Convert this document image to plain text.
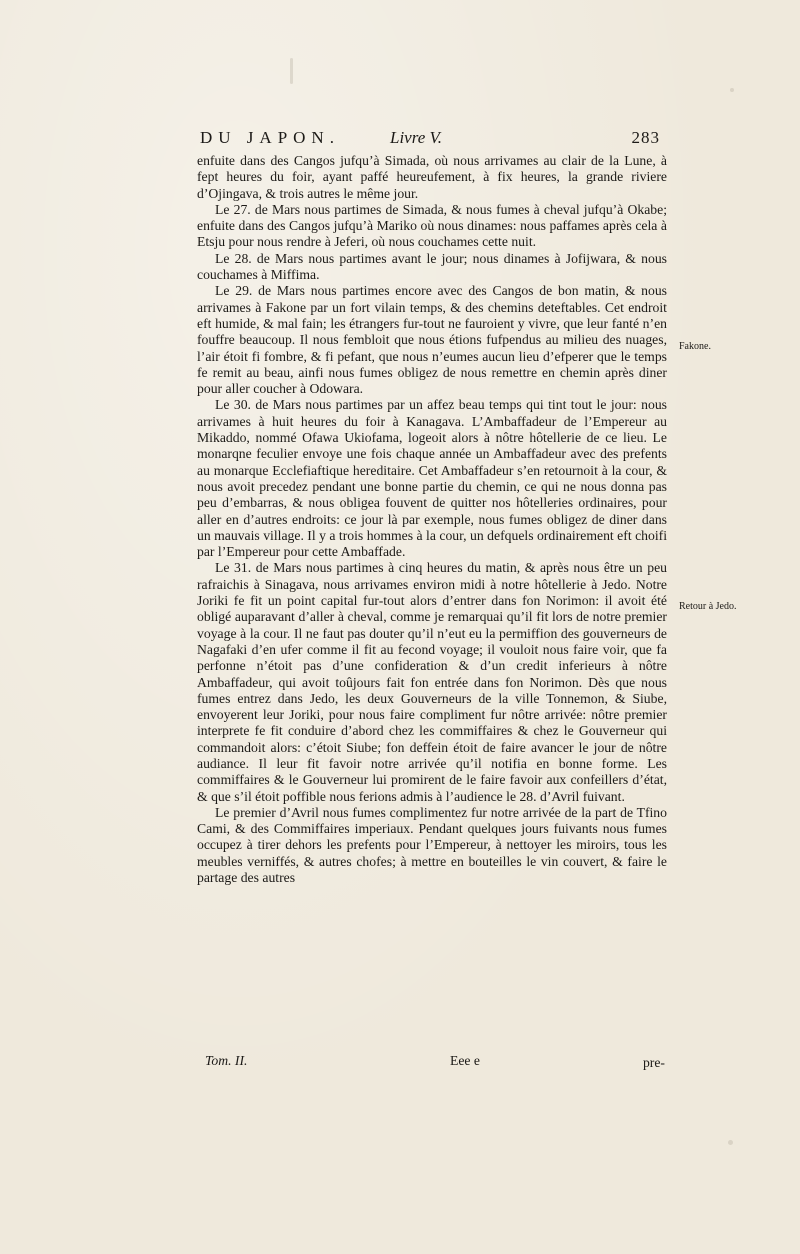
DU JAPON.	Livre V.	283

enfuite dans des Cangos jufqu’à Simada, où nous arrivames au clair de la Lune, à fept heures du foir, ayant paffé heureufement, à fix heures, la grande riviere d’Ojingava, & trois autres le même jour.

Le 27. de Mars nous partimes de Simada, & nous fumes à cheval jufqu’à Okabe; enfuite dans des Cangos jufqu’à Mariko où nous dinames: nous paffames après cela à Etsju pour nous rendre à Jeferi, où nous couchames cette nuit.

Le 28. de Mars nous partimes avant le jour; nous dinames à Jofijwara, & nous couchames à Miffima.

Le 29. de Mars nous partimes encore avec des Cangos de bon matin, & nous arrivames à Fakone par un fort vilain temps, & des chemins deteftables. Cet endroit eft humide, & mal fain; les étrangers fur-tout ne fauroient y vivre, que leur fanté n’en fouffre beaucoup. Il nous fembloit que nous étions fufpendus au milieu des nuages, l’air étoit fi fombre, & fi pefant, que nous n’eumes aucun lieu d’efperer que le temps fe remit au beau, ainfi nous fumes obligez de nous remettre en chemin après diner pour aller coucher à Odowara.

Le 30. de Mars nous partimes par un affez beau temps qui tint tout le jour: nous arrivames à huit heures du foir à Kanagava. L’Ambaffadeur de l’Empereur au Mikaddo, nommé Ofawa Ukiofama, logeoit alors à nôtre hôtellerie de ce lieu. Le monarqne feculier envoye une fois chaque année un Ambaffadeur avec des prefents au monarque Ecclefiaftique hereditaire. Cet Ambaffadeur s’en retournoit à la cour, & nous avoit precedez pendant une bonne partie du chemin, ce qui ne nous donna pas peu d’embarras, & nous obligea fouvent de quitter nos hôtelleries ordinaires, pour aller en d’autres endroits: ce jour là par exemple, nous fumes obligez de diner dans un mauvais village. Il y a trois hommes à la cour, un defquels ordinairement eft choifi par l’Empereur pour cette Ambaffade.

Le 31. de Mars nous partimes à cinq heures du matin, & après nous être un peu rafraichis à Sinagava, nous arrivames environ midi à notre hôtellerie à Jedo. Notre Joriki fe fit un point capital fur-tout alors d’entrer dans fon Norimon: il avoit été obligé auparavant d’aller à cheval, comme je remarquai qu’il fit lors de notre premier voyage à la cour. Il ne faut pas douter qu’il n’eut eu la permiffion des gouverneurs de Nagafaki d’en ufer comme il fit au fecond voyage; il vouloit nous faire voir, que fa perfonne n’étoit pas d’une confideration & d’un credit inferieurs à nôtre Ambaffadeur, qui avoit toûjours fait fon entrée dans fon Norimon. Dès que nous fumes entrez dans Jedo, les deux Gouverneurs de la ville Tonnemon, & Siube, envoyerent leur Joriki, pour nous faire compliment fur nôtre arrivée: nôtre premier interprete fe fit conduire d’abord chez les commiffaires & chez le Gouverneur qui commandoit alors: c’étoit Siube; fon deffein étoit de faire avancer le jour de nôtre audiance. Il leur fit favoir notre arrivée qu’il notifia en bonne forme. Les commiffaires & le Gouverneur lui promirent de le faire favoir aux confeillers d’état, & que s’il étoit poffible nous ferions admis à l’audience le 28. d’Avril fuivant.

Le premier d’Avril nous fumes complimentez fur notre arrivée de la part de Tfino Cami, & des Commiffaires imperiaux. Pendant quelques jours fuivants nous fumes occupez à tirer dehors les prefents pour l’Empereur, à nettoyer les miroirs, tous les meubles verniffés, & autres chofes; à mettre en bouteilles le vin couvert, & faire le partage des autres

Fakone.
Retour à Jedo.
Tom. II.	Eee e	pre-
